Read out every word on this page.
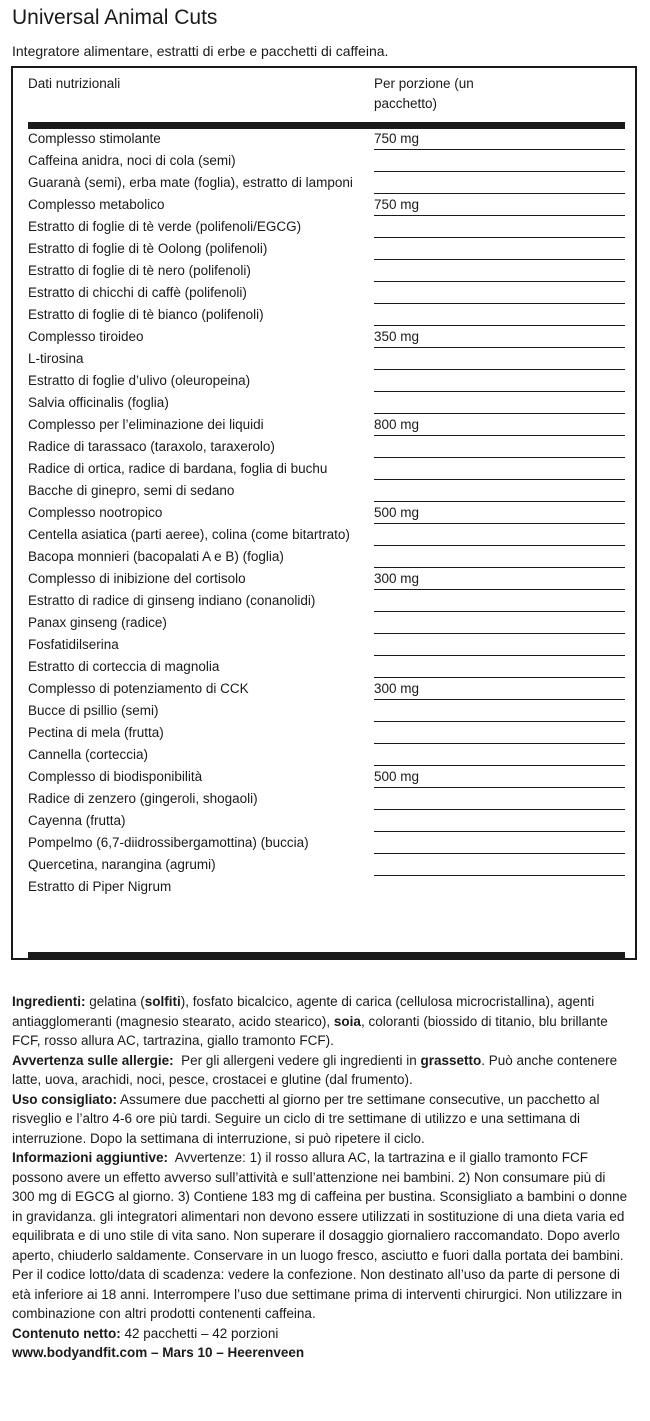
Universal Animal Cuts
Integratore alimentare, estratti di erbe e pacchetti di caffeina.
Dati nutrizionali	Per porzione (un pacchetto)
Complesso stimolante	750 mg
Caffeina anidra, noci di cola (semi)
Guaranà (semi), erba mate (foglia), estratto di lamponi
Complesso metabolico	750 mg
Estratto di foglie di tè verde (polifenoli/EGCG)
Estratto di foglie di tè Oolong (polifenoli)
Estratto di foglie di tè nero (polifenoli)
Estratto di chicchi di caffè (polifenoli)
Estratto di foglie di tè bianco (polifenoli)
Complesso tiroideo	350 mg
L-tirosina
Estratto di foglie d’ulivo (oleuropeina)
Salvia officinalis (foglia)
Complesso per l’eliminazione dei liquidi	800 mg
Radice di tarassaco (taraxolo, taraxerolo)
Radice di ortica, radice di bardana, foglia di buchu
Bacche di ginepro, semi di sedano
Complesso nootropico	500 mg
Centella asiatica (parti aeree), colina (come bitartrato)
Bacopa monnieri (bacopalati A e B) (foglia)
Complesso di inibizione del cortisolo	300 mg
Estratto di radice di ginseng indiano (conanolidi)
Panax ginseng (radice)
Fosfatidilserina
Estratto di corteccia di magnolia
Complesso di potenziamento di CCK	300 mg
Bucce di psillio (semi)
Pectina di mela (frutta)
Cannella (corteccia)
Complesso di biodisponibilità	500 mg
Radice di zenzero (gingeroli, shogaoli)
Cayenna (frutta)
Pompelmo (6,7-diidrossibergamottina) (buccia)
Quercetina, narangina (agrumi)
Estratto di Piper Nigrum

Ingredienti: gelatina (solfiti), fosfato bicalcico, agente di carica (cellulosa microcristallina), agenti antiagglomeranti (magnesio stearato, acido stearico), soia, coloranti (biossido di titanio, blu brillante FCF, rosso allura AC, tartrazina, giallo tramonto FCF).

Avvertenza sulle allergie:  Per gli allergeni vedere gli ingredienti in grassetto. Può anche contenere latte, uova, arachidi, noci, pesce, crostacei e glutine (dal frumento).

Uso consigliato: Assumere due pacchetti al giorno per tre settimane consecutive, un pacchetto al risveglio e l’altro 4-6 ore più tardi. Seguire un ciclo di tre settimane di utilizzo e una settimana di interruzione. Dopo la settimana di interruzione, si può ripetere il ciclo.

Informazioni aggiuntive:  Avvertenze: 1) il rosso allura AC, la tartrazina e il giallo tramonto FCF possono avere un effetto avverso sull’attività e sull’attenzione nei bambini. 2) Non consumare più di 300 mg di EGCG al giorno. 3) Contiene 183 mg di caffeina per bustina. Sconsigliato a bambini o donne in gravidanza. gli integratori alimentari non devono essere utilizzati in sostituzione di una dieta varia ed equilibrata e di uno stile di vita sano. Non superare il dosaggio giornaliero raccomandato. Dopo averlo aperto, chiuderlo saldamente. Conservare in un luogo fresco, asciutto e fuori dalla portata dei bambini. Per il codice lotto/data di scadenza: vedere la confezione. Non destinato all’uso da parte di persone di età inferiore ai 18 anni. Interrompere l’uso due settimane prima di interventi chirurgici. Non utilizzare in combinazione con altri prodotti contenenti caffeina.

Contenuto netto: 42 pacchetti – 42 porzioni

www.bodyandfit.com – Mars 10 – Heerenveen
